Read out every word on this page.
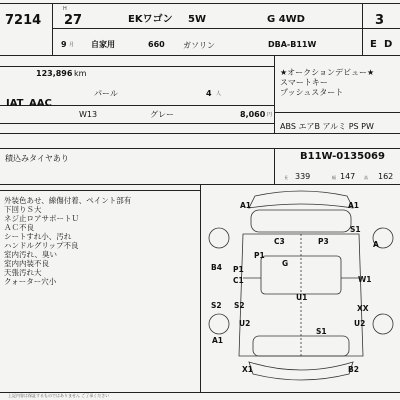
7214
H
27	EKワゴン 5W	G 4WD	3
9 月 自家用	660 ガソリン	DBA-B11W	E D
123,896 km
パール	4 人
IAT AAC
W13	グレー	8,060 円
★オークションデビュー★
スマートキー
プッシュスタート
ABS エアB アルミ PS PW
積込みタイヤあり	B11W-0135069
長 339	幅 147 高 162
外装色あせ、線傷付着、ペイント部有
下回りＳ大
ネジ止ロアサポートＵ
ＡＣ不良
シートすれ小、汚れ
ハンドルグリップ不良
室内汚れ、臭い
室内内装不良
天張汚れ大
クォーター穴小
A1	A1
C3	P3
S1
A
P1
G
B4 P1
C1	W1
S2 S2	XX
U1
U2
S1
U2
A1
X1	B2
上記内容は保証するものではありません ご了承ください
